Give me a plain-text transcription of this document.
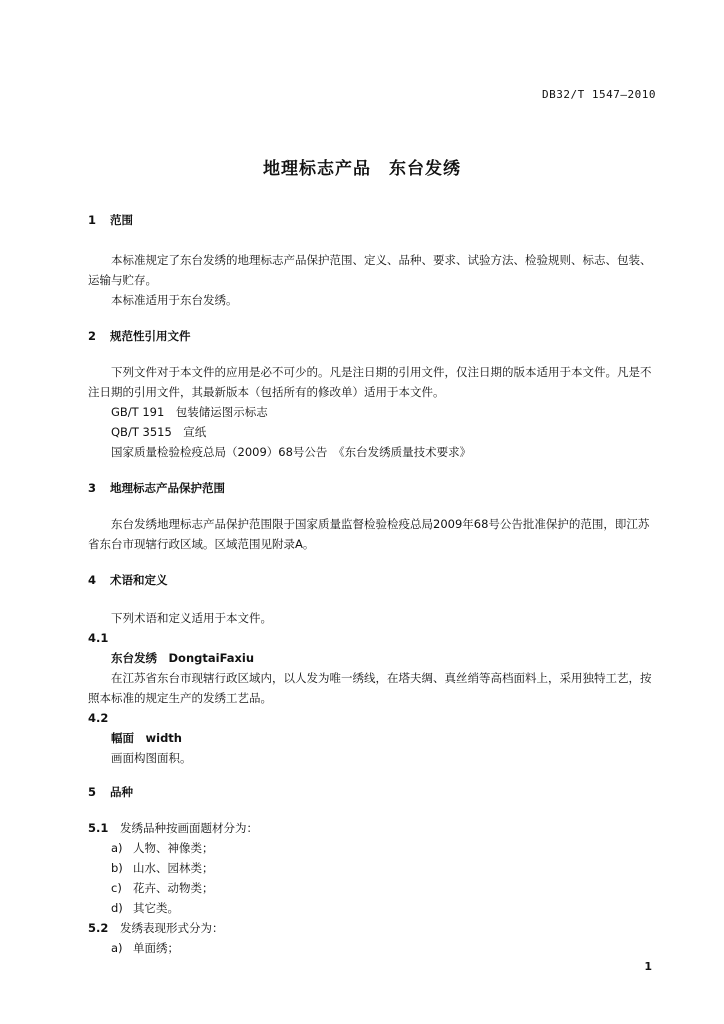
DB32/T 1547—2010
地理标志产品　东台发绣
1 范围

本标准规定了东台发绣的地理标志产品保护范围、定义、品种、要求、试验方法、检验规则、标志、包装、运输与贮存。

本标准适用于东台发绣。

2 规范性引用文件

下列文件对于本文件的应用是必不可少的。凡是注日期的引用文件，仅注日期的版本适用于本文件。凡是不注日期的引用文件，其最新版本（包括所有的修改单）适用于本文件。

GB/T 191　包装储运图示标志
QB/T 3515　宣纸
国家质量检验检疫总局（2009）68号公告　《东台发绣质量技术要求》
3 地理标志产品保护范围

东台发绣地理标志产品保护范围限于国家质量监督检验检疫总局2009年68号公告批准保护的范围，即江苏省东台市现辖行政区域。区域范围见附录A。

4 术语和定义

下列术语和定义适用于本文件。

4.1
东台发绣　DongtaiFaxiu

在江苏省东台市现辖行政区域内，以人发为唯一绣线，在塔夫绸、真丝绡等高档面料上，采用独特工艺，按照本标准的规定生产的发绣工艺品。

4.2
幅面　width

画面构图面积。

5 品种
5.1 发绣品种按画面题材分为：
a) 人物、神像类；
b) 山水、园林类；
c) 花卉、动物类；
d) 其它类。
5.2 发绣表现形式分为：
a) 单面绣；
1
